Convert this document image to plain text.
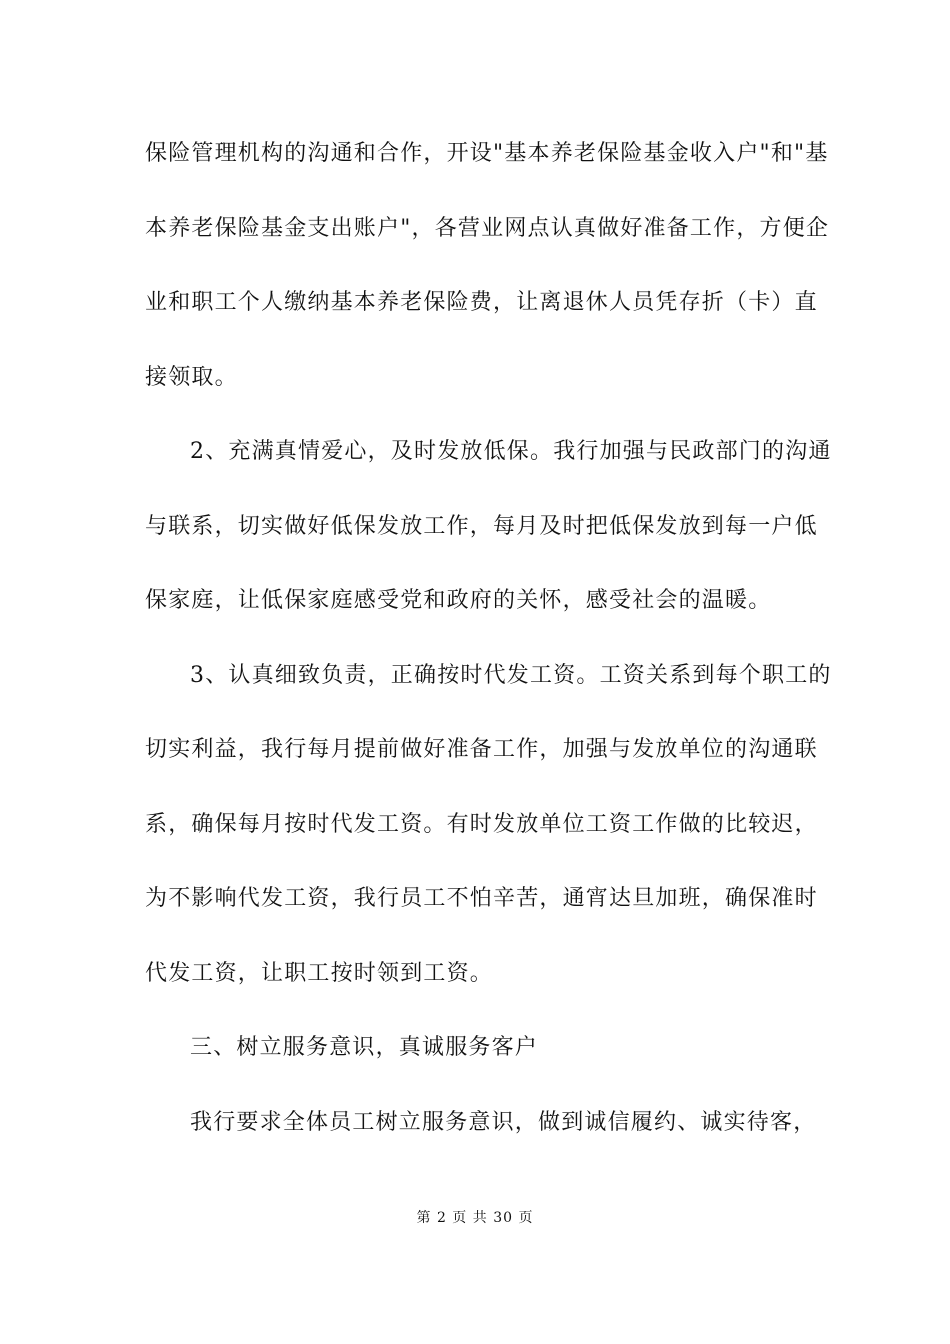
保险管理机构的沟通和合作，开设"基本养老保险基金收入户"和"基
本养老保险基金支出账户"，各营业网点认真做好准备工作，方便企
业和职工个人缴纳基本养老保险费，让离退休人员凭存折（卡）直
接领取。
2、充满真情爱心，及时发放低保。我行加强与民政部门的沟通
与联系，切实做好低保发放工作，每月及时把低保发放到每一户低
保家庭，让低保家庭感受党和政府的关怀，感受社会的温暖。
3、认真细致负责，正确按时代发工资。工资关系到每个职工的
切实利益，我行每月提前做好准备工作，加强与发放单位的沟通联
系，确保每月按时代发工资。有时发放单位工资工作做的比较迟，
为不影响代发工资，我行员工不怕辛苦，通宵达旦加班，确保准时
代发工资，让职工按时领到工资。
三、树立服务意识，真诚服务客户
我行要求全体员工树立服务意识，做到诚信履约、诚实待客，
第 2 页 共 30 页
